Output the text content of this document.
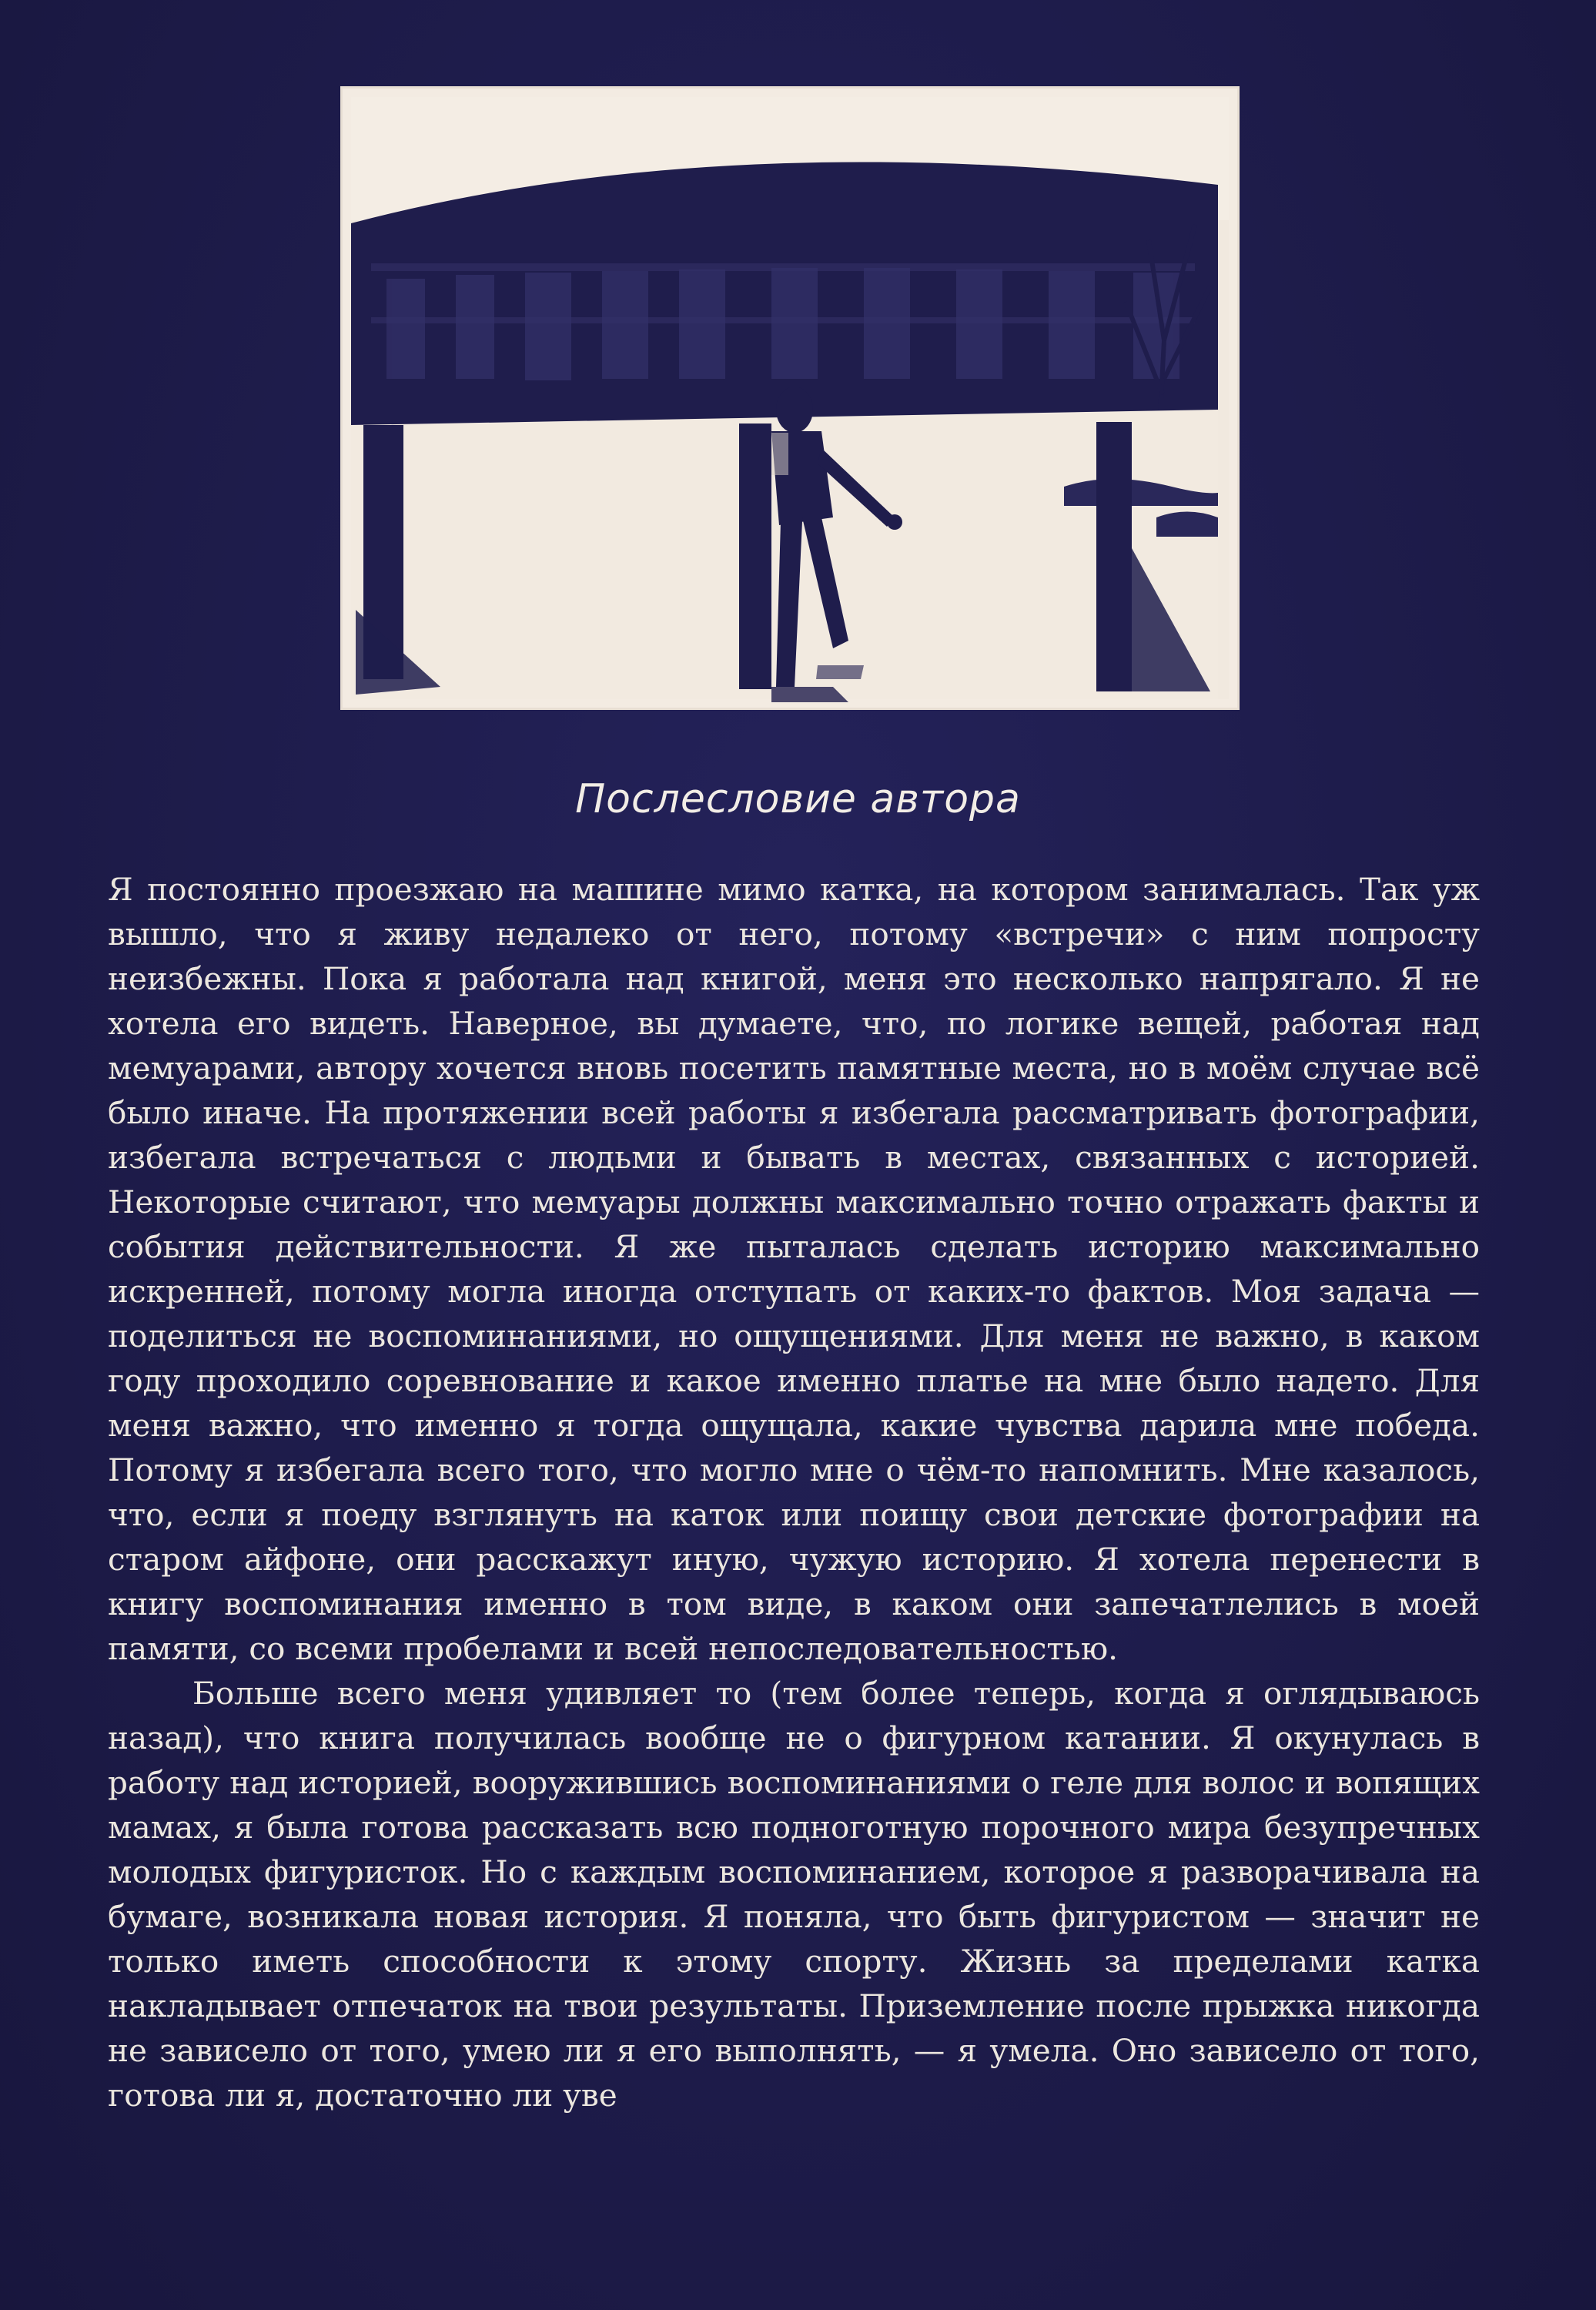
Послесловие автора

Я постоянно проезжаю на машине мимо катка, на котором занималась. Так уж вышло, что я живу недалеко от него, потому «встречи» с ним попросту неизбежны. Пока я работала над книгой, меня это несколько напрягало. Я не хотела его видеть. Наверное, вы думаете, что, по логике вещей, работая над мемуарами, автору хочется вновь посетить памятные места, но в моём случае всё было иначе. На протяжении всей работы я избегала рассматривать фотографии, избегала встречаться с людьми и бывать в местах, связанных с историей. Некоторые считают, что мемуары должны максимально точно отражать факты и события действительности. Я же пыталась сделать историю максимально искренней, потому могла иногда отступать от каких-то фактов. Моя задача — поделиться не воспоминаниями, но ощущениями. Для меня не важно, в каком году проходило соревнование и какое именно платье на мне было надето. Для меня важно, что именно я тогда ощущала, какие чувства дарила мне победа. Потому я избегала всего того, что могло мне о чём-то напомнить. Мне казалось, что, если я поеду взглянуть на каток или поищу свои детские фотографии на старом айфоне, они расскажут иную, чужую историю. Я хотела перенести в книгу воспоминания именно в том виде, в каком они запечатлелись в моей памяти, со всеми пробелами и всей непоследовательностью.

Больше всего меня удивляет то (тем более теперь, когда я оглядываюсь назад), что книга получилась вообще не о фигурном катании. Я окунулась в работу над историей, вооружившись воспоминаниями о геле для волос и вопящих мамах, я была готова рассказать всю подноготную порочного мира безупречных молодых фигуристок. Но с каждым воспоминанием, которое я разворачивала на бумаге, возникала новая история. Я поняла, что быть фигуристом — значит не только иметь способности к этому спорту. Жизнь за пределами катка накладывает отпечаток на твои результаты. Приземление после прыжка никогда не зависело от того, умею ли я его выполнять, — я умела. Оно зависело от того, готова ли я, достаточно ли уве
